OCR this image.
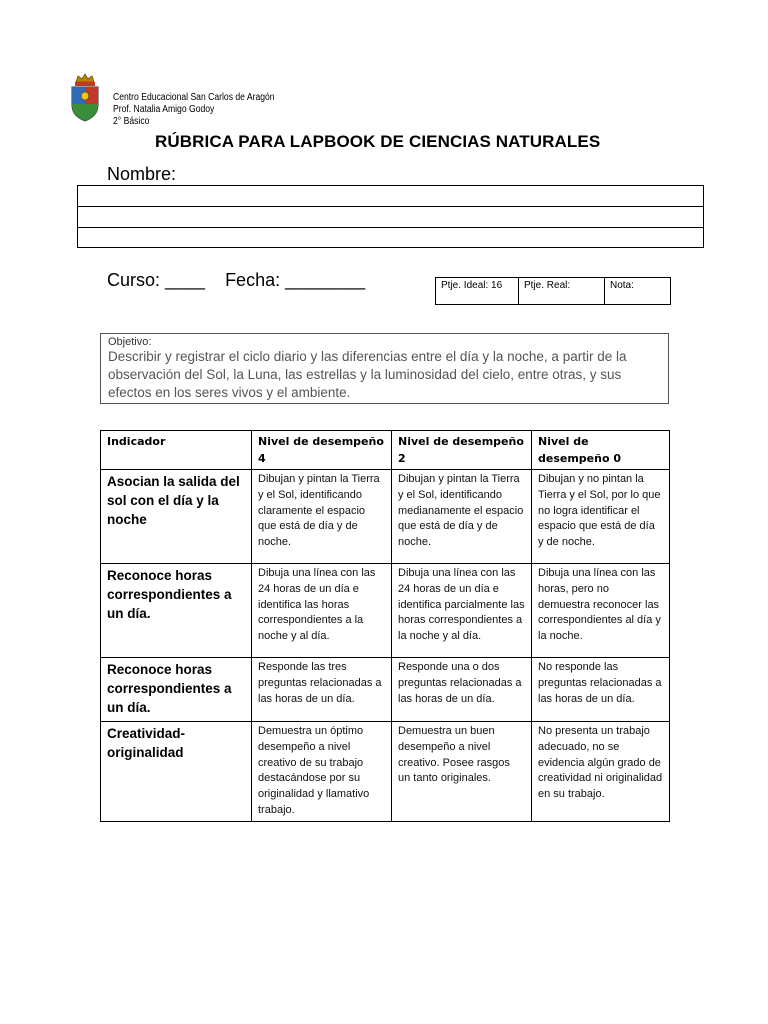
Centro Educacional San Carlos de Aragón
Prof. Natalia Amigo Godoy
2° Básico
RÚBRICA PARA LAPBOOK DE CIENCIAS NATURALES
Nombre:
Curso: ____    Fecha: ________	Ptje. Ideal: 16	Ptje. Real:	Nota:
Objetivo:
Describir y registrar el ciclo diario y las diferencias entre el día y la noche, a partir de la observación del Sol, la Luna, las estrellas y la luminosidad del cielo, entre otras, y sus efectos en los seres vivos y el ambiente.
Indicador	Nivel de desempeño 4	Nivel de desempeño 2	Nivel de desempeño 0
Asocian la salida del sol con el día y la noche	Dibujan y pintan la Tierra y el Sol, identificando claramente el espacio que está de día y de noche.	Dibujan y pintan la Tierra y el Sol, identificando medianamente el espacio que está de día y de noche.	Dibujan y no pintan la Tierra y el Sol, por lo que no logra identificar el espacio que está de día y de noche.
Reconoce horas correspondientes a un día.	Dibuja una línea con las 24 horas de un día e identifica las horas correspondientes a la noche y al día.	Dibuja una línea con las 24 horas de un día e identifica parcialmente las horas correspondientes a la noche y al día.	Dibuja una línea con las horas, pero no demuestra reconocer las correspondientes al día y la noche.
Reconoce horas correspondientes a un día.	Responde las tres preguntas relacionadas a las horas de un día.	Responde una o dos preguntas relacionadas a las horas de un día.	No responde las preguntas relacionadas a las horas de un día.
Creatividad-originalidad	Demuestra un óptimo desempeño a nivel creativo de su trabajo destacándose por su originalidad y llamativo trabajo.	Demuestra un buen desempeño a nivel creativo. Posee rasgos un tanto originales.	No presenta un trabajo adecuado, no se evidencia algún grado de creatividad ni originalidad en su trabajo.
